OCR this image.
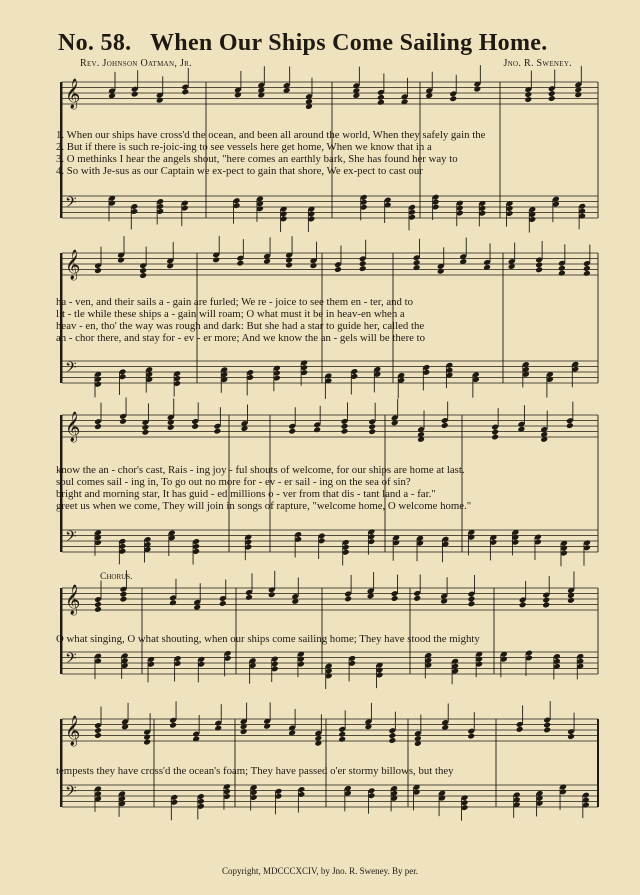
No. 58. When Our Ships Come Sailing Home.
Rev. Johnson Oatman, Jr.	Jno. R. Sweney.
𝄞
𝄢
𝄞
𝄢
𝄞
𝄢
𝄞
𝄢
𝄞
𝄢
1. When our ships have cross'd the ocean, and been all around the world, When they safely gain the
2. But if there is such re-joic-ing to see vessels here get home, When we know that in a
3. O methinks I hear the angels shout, "here comes an earthly bark, She has found her way to
4. So with Je-sus as our Captain we ex-pect to gain that shore, We ex-pect to cast our
ha - ven, and their sails a - gain are furled; We re - joice to see them en - ter, and to
lit - tle while these ships a - gain will roam; O what must it be in heav-en when a
heav - en, tho' the way was rough and dark: But she had a star to guide her, called the
an - chor there, and stay for - ev - er more; And we know the an - gels will be there to
know the an - chor's cast, Rais - ing joy - ful shouts of welcome, for our ships are home at last.
soul comes sail - ing in, To go out no more for - ev - er sail - ing on the sea of sin?
bright and morning star, It has guid - ed millions o - ver from that dis - tant land a - far."
greet us when we come, They will join in songs of rapture, "welcome home, O welcome home."
Chorus.
O what singing, O what shouting, when our ships come sailing home; They have stood the mighty
tempests they have cross'd the ocean's foam; They have passed o'er stormy billows, but they
Copyright, MDCCCXCIV, by Jno. R. Sweney. By per.
